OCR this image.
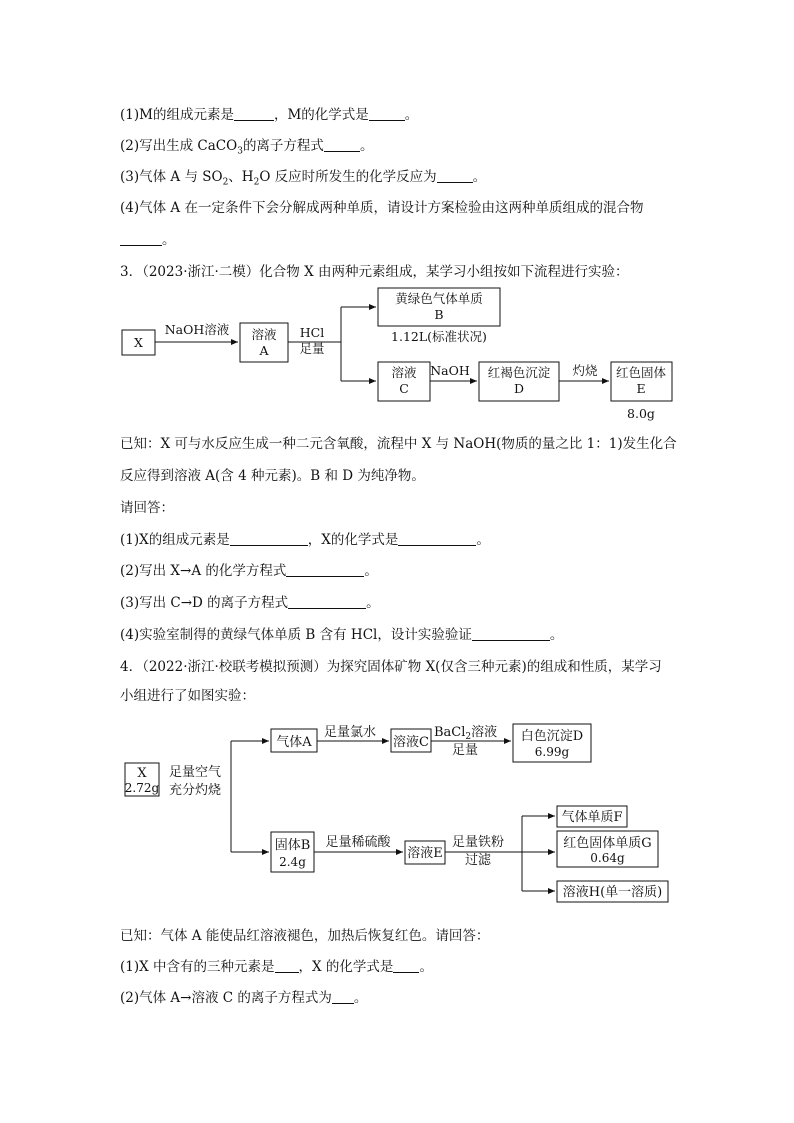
(1)M的组成元素是	，M的化学式是	。
(2)写出生成 CaCO$_3$的离子方程式	。
(3)气体 A 与 $SO_2$、$H_2O$ 反应时所发生的化学反应为	。
(4)气体 A 在一定条件下会分解成两种单质，请设计方案检验由这两种单质组成的混合物
。
3．（2023·浙江·二模）化合物 X 由两种元素组成，某学习小组按如下流程进行实验：
X
NaOH溶液 溶液
A
HCl
足量
黄绿色气体单质
B
1.12L(标准状况)
溶液
C
NaOH 红褐色沉淀
D
灼烧 红色固体
E
8.0g
X
2.72g
足量空气
充分灼烧
气体A
足量氯水
溶液C
BaCl$_2$溶液
足量
白色沉淀D
6.99g
固体B
2.4g
足量稀硫酸
溶液E
足量铁粉
过滤
气体单质F
红色固体单质G
0.64g
溶液H(单一溶质)
已知：X 可与水反应生成一种二元含氧酸，流程中 X 与 NaOH(物质的量之比 1：1)发生化合
反应得到溶液 A(含 4 种元素)。B 和 D 为纯净物。
请回答：
(1)X的组成元素是	，X的化学式是	。
(2)写出 X→A 的化学方程式	。
(3)写出 C→D 的离子方程式	。
(4)实验室制得的黄绿气体单质 B 含有 HCl，设计实验验证	。
4．（2022·浙江·校联考模拟预测）为探究固体矿物 X(仅含三种元素)的组成和性质，某学习
小组进行了如图实验：
已知：气体 A 能使品红溶液褪色，加热后恢复红色。请回答：
(1)X 中含有的三种元素是 ，X 的化学式是 。
(2)气体 A→溶液 C 的离子方程式为 。
